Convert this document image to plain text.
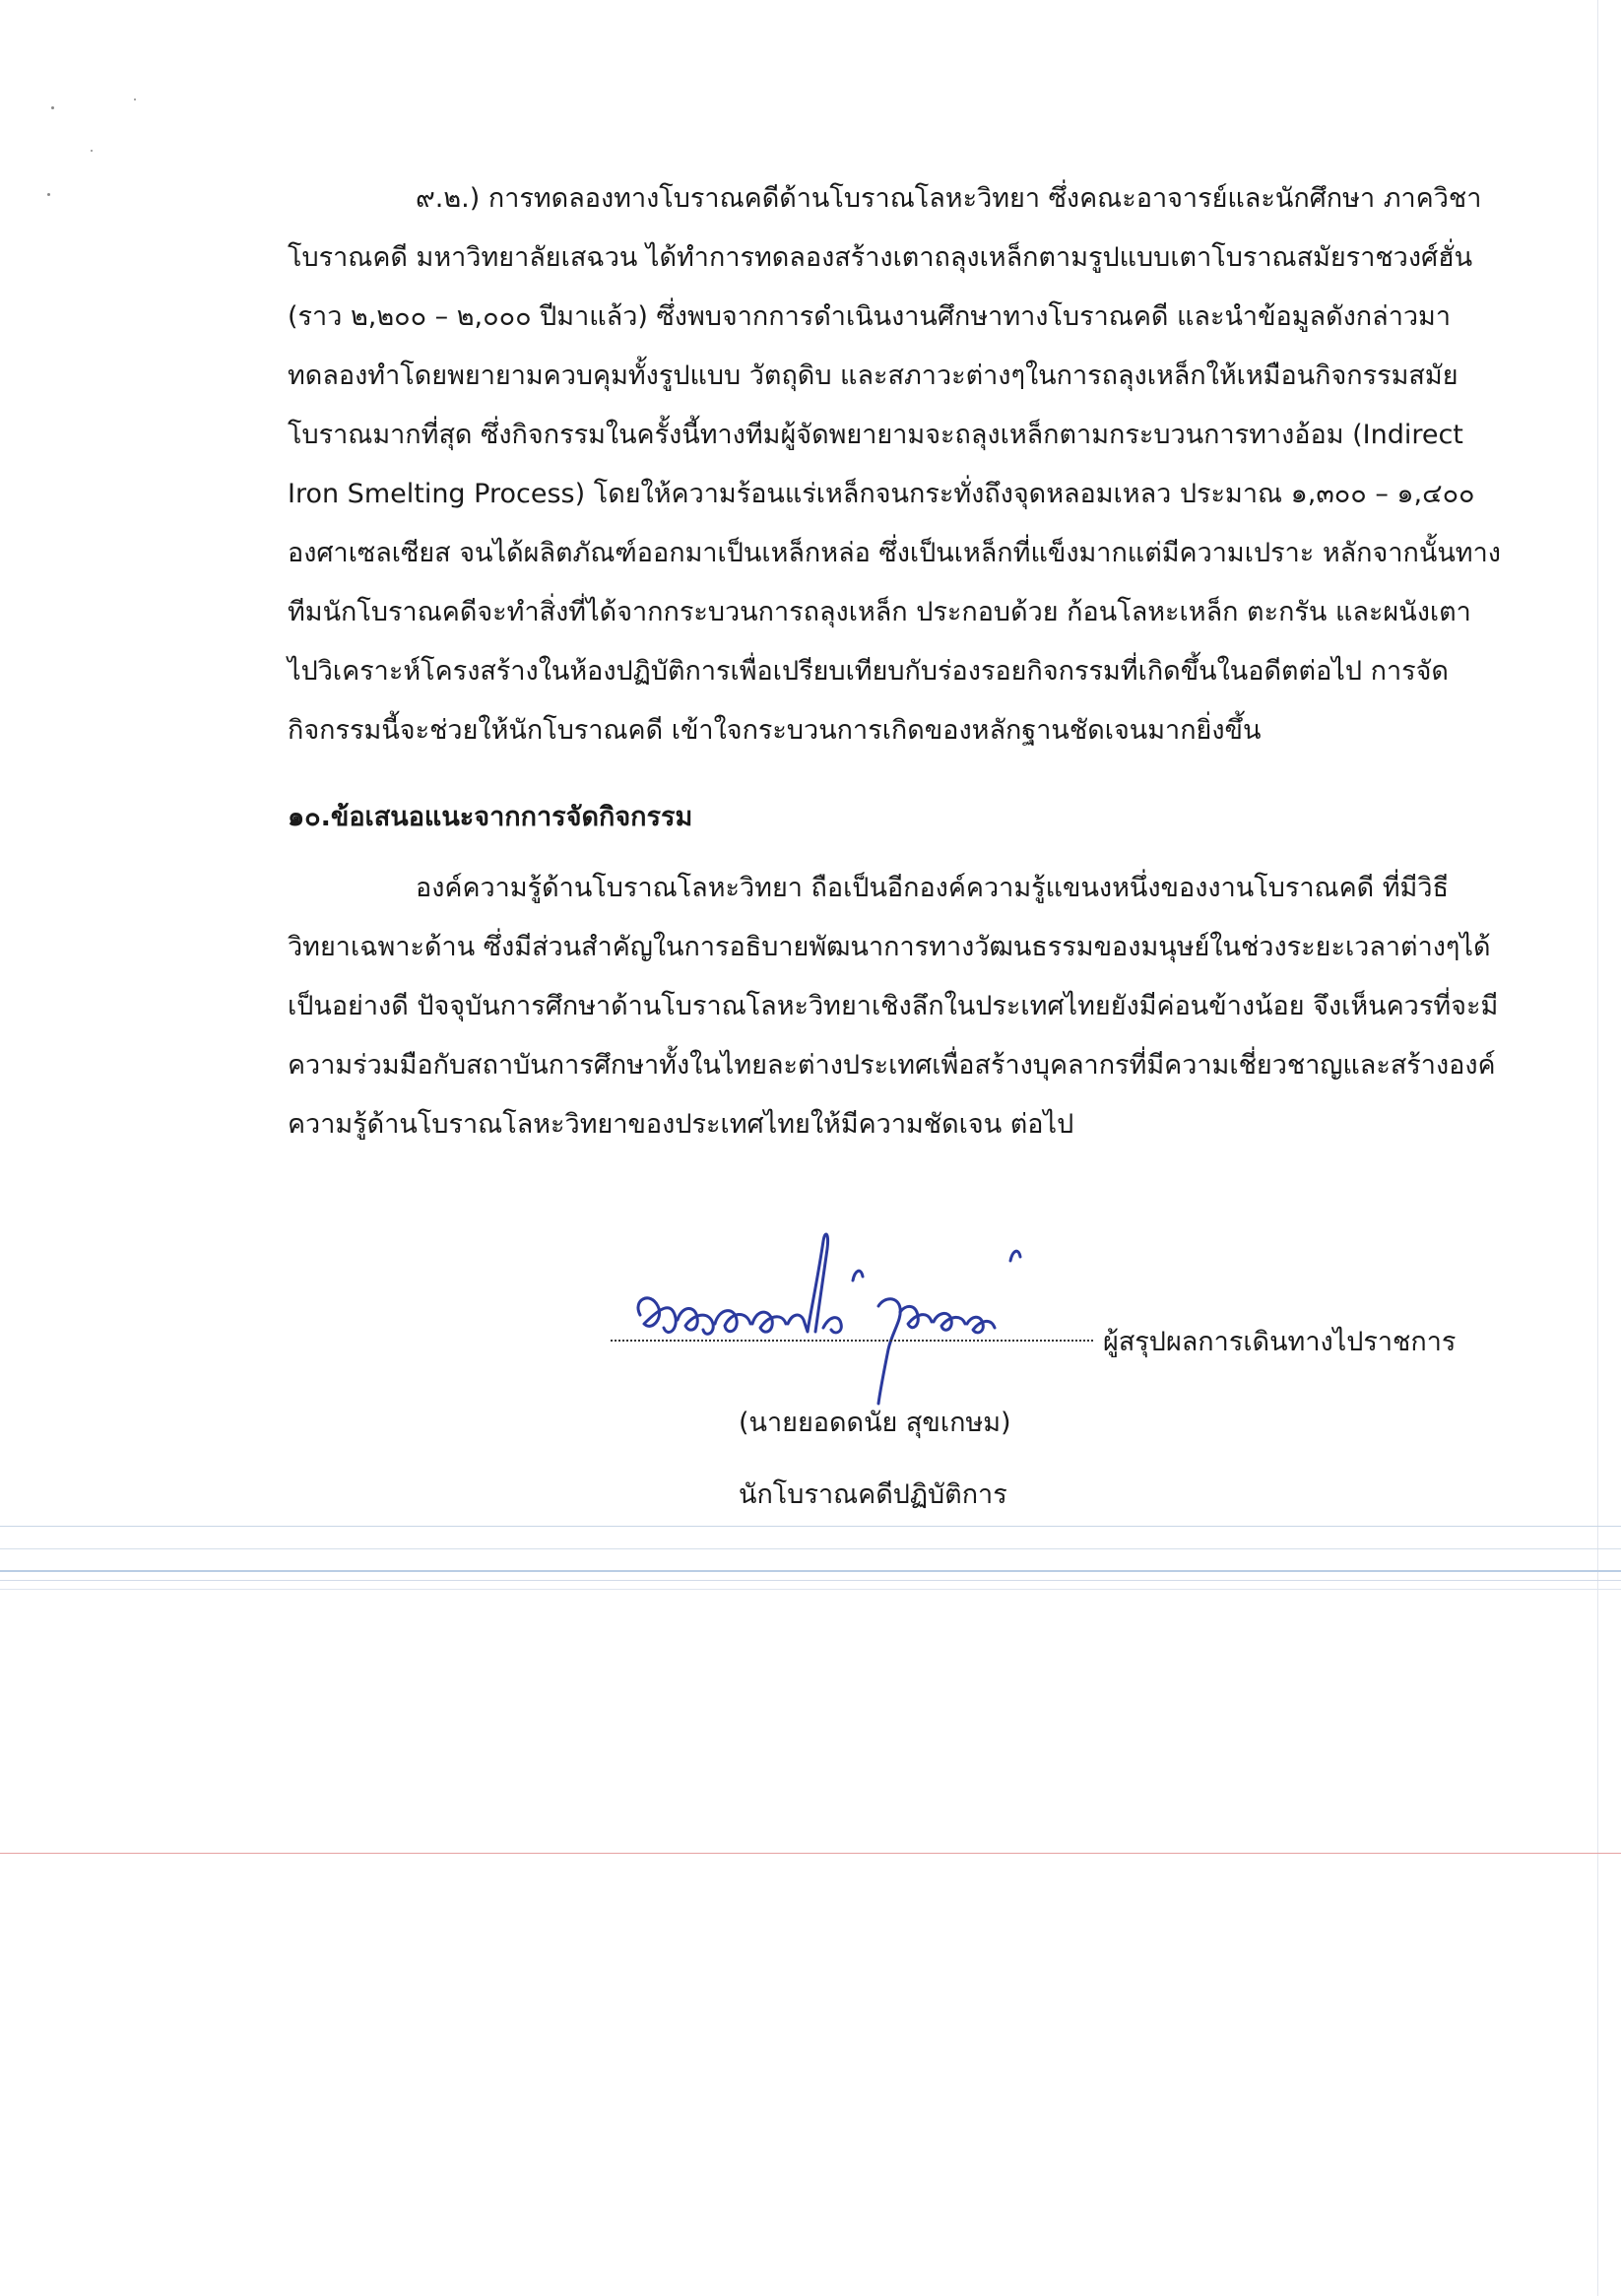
๙.๒.) การทดลองทางโบราณคดีด้านโบราณโลหะวิทยา ซึ่งคณะอาจารย์และนักศึกษา ภาควิชา
โบราณคดี มหาวิทยาลัยเสฉวน ได้ทำการทดลองสร้างเตาถลุงเหล็กตามรูปแบบเตาโบราณสมัยราชวงศ์ฮั่น
(ราว ๒,๒๐๐ – ๒,๐๐๐ ปีมาแล้ว) ซึ่งพบจากการดำเนินงานศึกษาทางโบราณคดี และนำข้อมูลดังกล่าวมา
ทดลองทำโดยพยายามควบคุมทั้งรูปแบบ วัตถุดิบ และสภาวะต่างๆในการถลุงเหล็กให้เหมือนกิจกรรมสมัย
โบราณมากที่สุด ซึ่งกิจกรรมในครั้งนี้ทางทีมผู้จัดพยายามจะถลุงเหล็กตามกระบวนการทางอ้อม (Indirect
Iron Smelting Process) โดยให้ความร้อนแร่เหล็กจนกระทั่งถึงจุดหลอมเหลว ประมาณ ๑,๓๐๐ – ๑,๔๐๐
องศาเซลเซียส จนได้ผลิตภัณฑ์ออกมาเป็นเหล็กหล่อ ซึ่งเป็นเหล็กที่แข็งมากแต่มีความเปราะ หลักจากนั้นทาง
ทีมนักโบราณคดีจะทำสิ่งที่ได้จากกระบวนการถลุงเหล็ก ประกอบด้วย ก้อนโลหะเหล็ก ตะกรัน และผนังเตา
ไปวิเคราะห์โครงสร้างในห้องปฏิบัติการเพื่อเปรียบเทียบกับร่องรอยกิจกรรมที่เกิดขึ้นในอดีตต่อไป การจัด
กิจกรรมนี้จะช่วยให้นักโบราณคดี เข้าใจกระบวนการเกิดของหลักฐานชัดเจนมากยิ่งขึ้น
๑๐.ข้อเสนอแนะจากการจัดกิจกรรม
องค์ความรู้ด้านโบราณโลหะวิทยา ถือเป็นอีกองค์ความรู้แขนงหนึ่งของงานโบราณคดี ที่มีวิธี
วิทยาเฉพาะด้าน ซึ่งมีส่วนสำคัญในการอธิบายพัฒนาการทางวัฒนธรรมของมนุษย์ในช่วงระยะเวลาต่างๆได้
เป็นอย่างดี ปัจจุบันการศึกษาด้านโบราณโลหะวิทยาเชิงลึกในประเทศไทยยังมีค่อนข้างน้อย จึงเห็นควรที่จะมี
ความร่วมมือกับสถาบันการศึกษาทั้งในไทยละต่างประเทศเพื่อสร้างบุคลากรที่มีความเชี่ยวชาญและสร้างองค์
ความรู้ด้านโบราณโลหะวิทยาของประเทศไทยให้มีความชัดเจน ต่อไป
ผู้สรุปผลการเดินทางไปราชการ
(นายยอดดนัย สุขเกษม)
นักโบราณคดีปฏิบัติการ
